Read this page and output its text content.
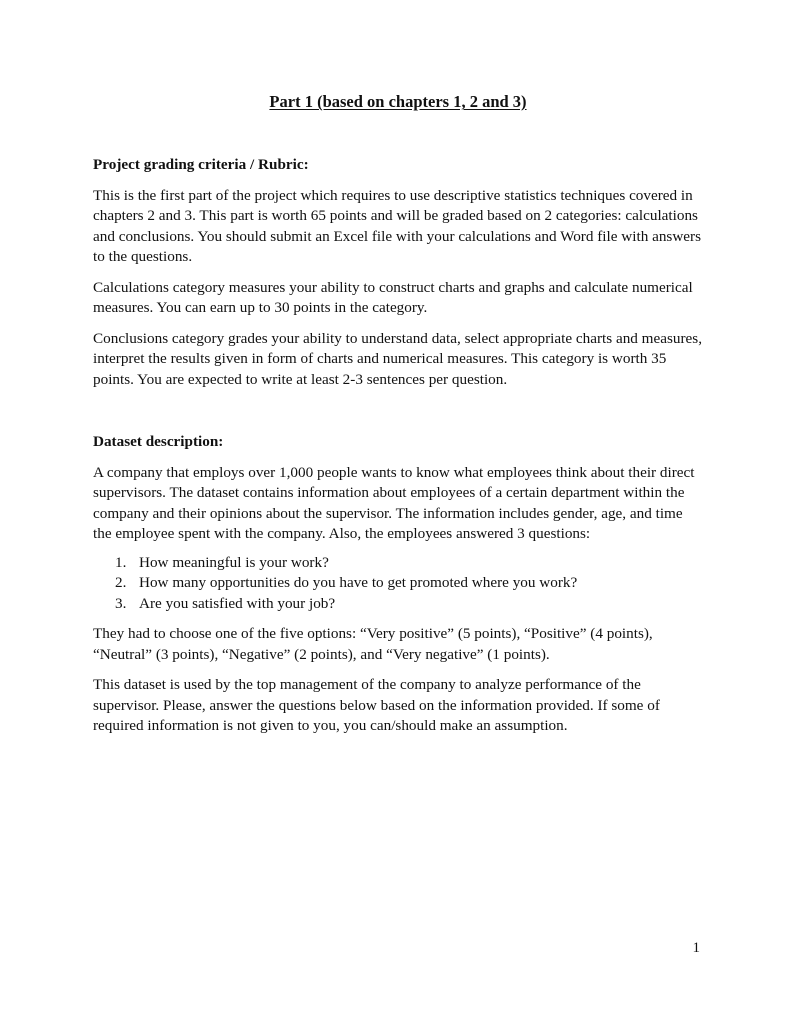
Part 1 (based on chapters 1, 2 and 3)

Project grading criteria / Rubric:

This is the first part of the project which requires to use descriptive statistics techniques covered in chapters 2 and 3. This part is worth 65 points and will be graded based on 2 categories: calculations and conclusions. You should submit an Excel file with your calculations and Word file with answers to the questions.

Calculations category measures your ability to construct charts and graphs and calculate numerical measures. You can earn up to 30 points in the category.

Conclusions category grades your ability to understand data, select appropriate charts and measures, interpret the results given in form of charts and numerical measures. This category is worth 35 points. You are expected to write at least 2-3 sentences per question.

Dataset description:

A company that employs over 1,000 people wants to know what employees think about their direct supervisors. The dataset contains information about employees of a certain department within the company and their opinions about the supervisor. The information includes gender, age, and time the employee spent with the company. Also, the employees answered 3 questions:

1. How meaningful is your work?
2. How many opportunities do you have to get promoted where you work?
3. Are you satisfied with your job?

They had to choose one of the five options: “Very positive” (5 points), “Positive” (4 points), “Neutral” (3 points), “Negative” (2 points), and “Very negative” (1 points).

This dataset is used by the top management of the company to analyze performance of the supervisor. Please, answer the questions below based on the information provided. If some of required information is not given to you, you can/should make an assumption.

1
